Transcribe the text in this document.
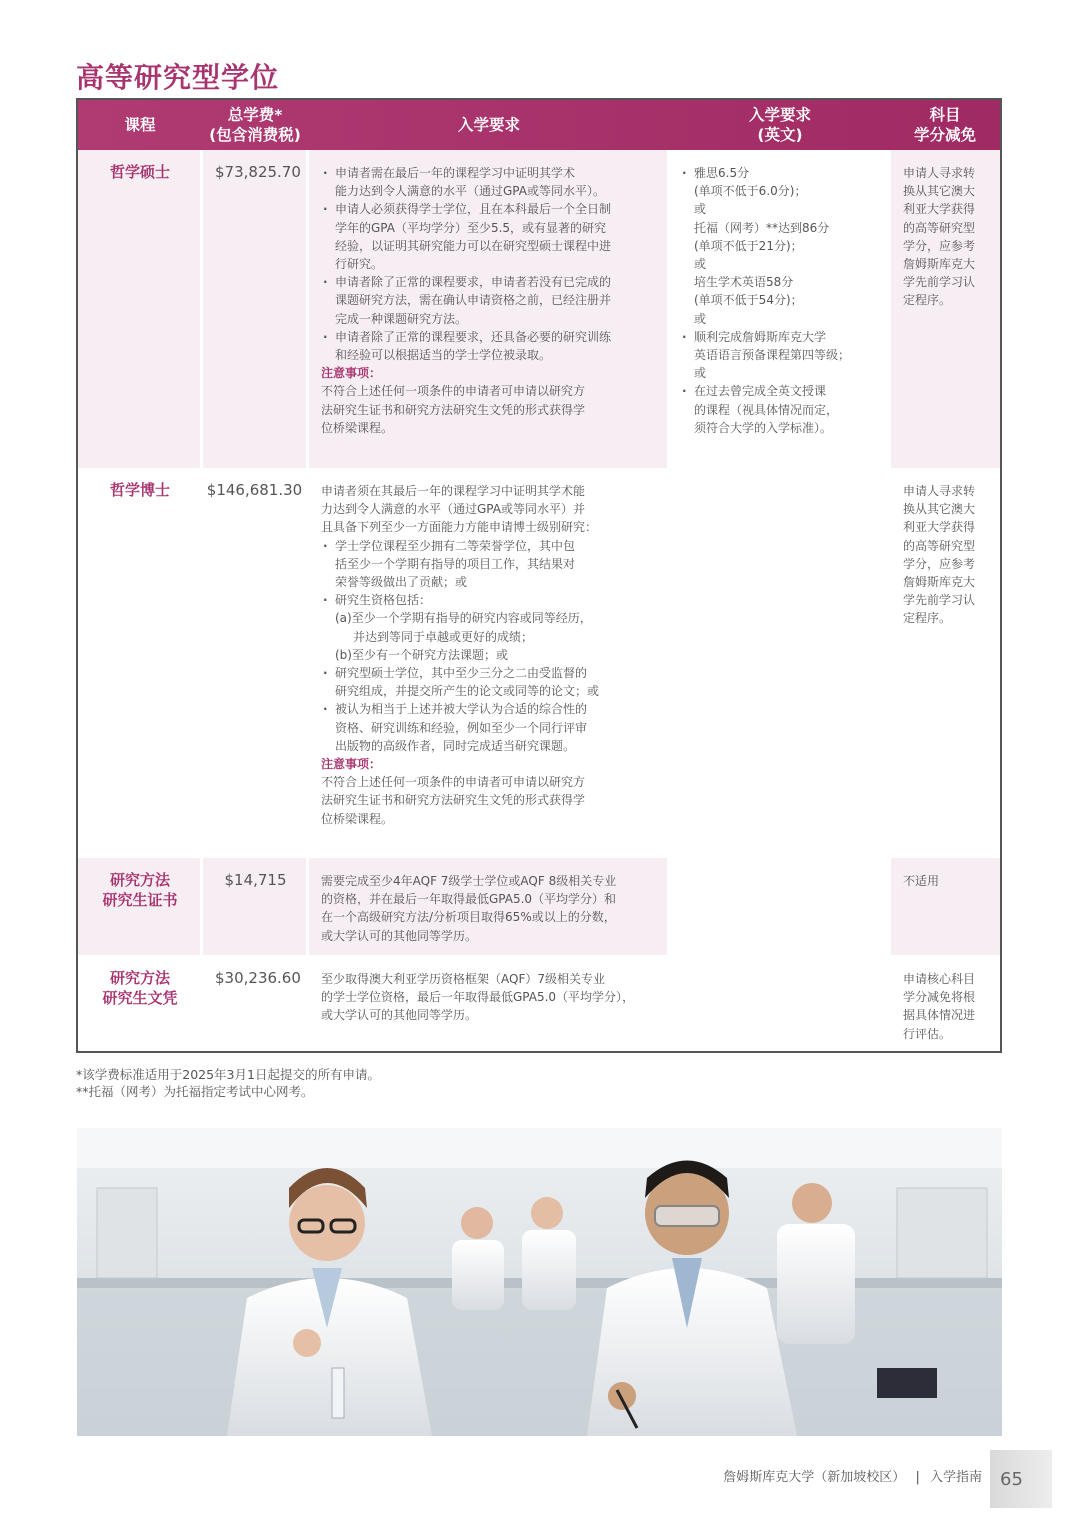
高等研究型学位
课程
总学费*
(包含消费税)
入学要求
入学要求
(英文)
科目
学分减免
哲学硕士	$73,825.70

·	申请者需在最后一年的课程学习中证明其学术

能力达到令人满意的水平（通过GPA或等同水平）。

· 申请人必须获得学士学位，且在本科最后一个全日制

学年的GPA（平均学分）至少5.5，或有显著的研究

经验，以证明其研究能力可以在研究型硕士课程中进

行研究。

· 申请者除了正常的课程要求，申请者若没有已完成的

课题研究方法，需在确认申请资格之前，已经注册并

完成一种课题研究方法。

· 申请者除了正常的课程要求，还具备必要的研究训练

和经验可以根据适当的学士学位被录取。

注意事项：

不符合上述任何一项条件的申请者可申请以研究方

法研究生证书和研究方法研究生文凭的形式获得学

位桥梁课程。

· 雅思6.5分

(单项不低于6.0分)；

或

托福（网考）**达到86分

(单项不低于21分)；

或

培生学术英语58分

(单项不低于54分)；

或

· 顺利完成詹姆斯库克大学

英语语言预备课程第四等级；

或

· 在过去曾完成全英文授课

的课程（视具体情况而定，

须符合大学的入学标准）。

申请人寻求转

换从其它澳大

利亚大学获得

的高等研究型

学分，应参考

詹姆斯库克大

学先前学习认

定程序。

哲学博士	$146,681.30	申请者须在其最后一年的课程学习中证明其学术能

力达到令人满意的水平（通过GPA或等同水平）并

且具备下列至少一方面能力方能申请博士级别研究：

· 学士学位课程至少拥有二等荣誉学位，其中包

括至少一个学期有指导的项目工作，其结果对

荣誉等级做出了贡献；或

· 研究生资格包括：

(a)至少一个学期有指导的研究内容或同等经历，

并达到等同于卓越或更好的成绩；

(b)至少有一个研究方法课题；或

· 研究型硕士学位，其中至少三分之二由受监督的

研究组成，并提交所产生的论文或同等的论文；或

· 被认为相当于上述并被大学认为合适的综合性的

资格、研究训练和经验，例如至少一个同行评审

出版物的高级作者，同时完成适当研究课题。

注意事项：

不符合上述任何一项条件的申请者可申请以研究方

法研究生证书和研究方法研究生文凭的形式获得学

位桥梁课程。

申请人寻求转

换从其它澳大

利亚大学获得

的高等研究型

学分，应参考

詹姆斯库克大

学先前学习认

定程序。

研究方法

研究生证书

$14,715	需要完成至少4年AQF 7级学士学位或AQF 8级相关专业

的资格，并在最后一年取得最低GPA5.0（平均学分）和

在一个高级研究方法/分析项目取得65%或以上的分数，

或大学认可的其他同等学历。

不适用

研究方法

研究生文凭

$30,236.60	至少取得澳大利亚学历资格框架（AQF）7级相关专业

的学士学位资格，最后一年取得最低GPA5.0（平均学分），

或大学认可的其他同等学历。

申请核心科目

学分减免将根

据具体情况进

行评估。

*该学费标准适用于2025年3月1日起提交的所有申请。

**托福（网考）为托福指定考试中心网考。

詹姆斯库克大学（新加坡校区） | 入学指南 65
